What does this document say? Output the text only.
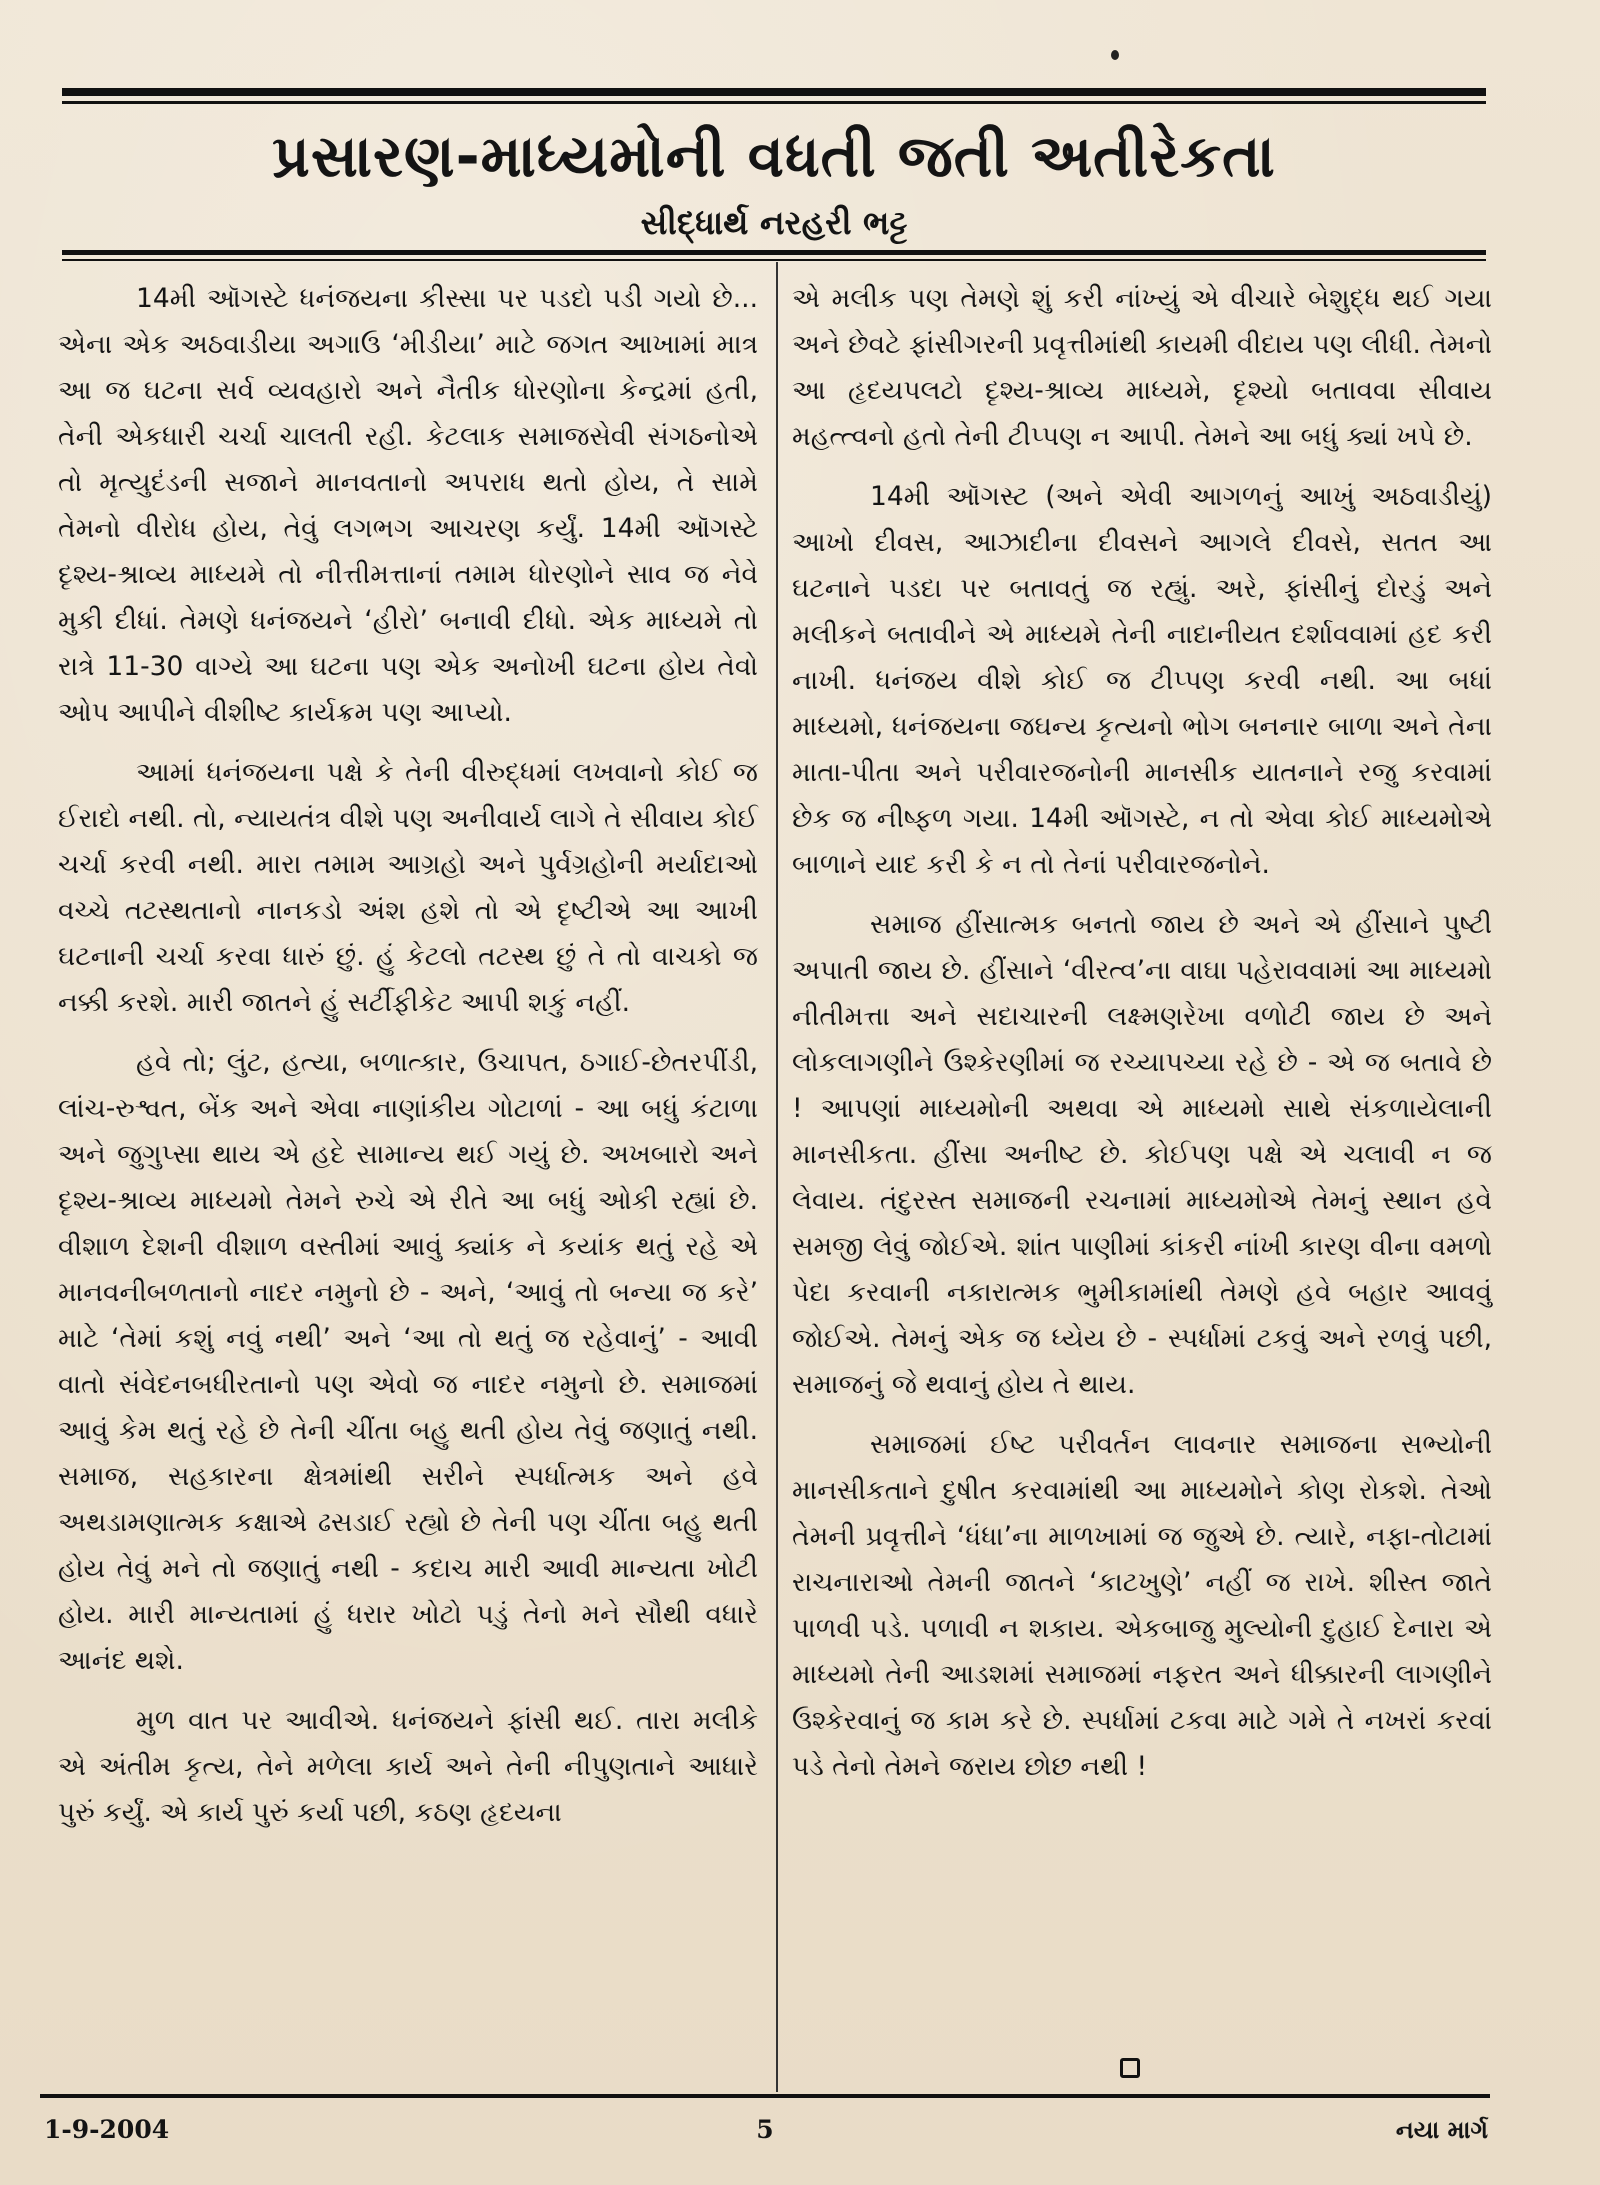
પ્રસારણ-માધ્યમોની વધતી જતી અતીરેકતા
સીદ્ધાર્થ નરહરી ભટ્ટ

14મી ઑગસ્ટે ધનંજયના કીસ્સા પર પડદો પડી ગયો છે... એના એક અઠવાડીયા અગાઉ ‘મીડીયા’ માટે જગત આખામાં માત્ર આ જ ઘટના સર્વ વ્યવહારો અને નૈતીક ધોરણોના કેન્દ્રમાં હતી, તેની એકધારી ચર્ચા ચાલતી રહી. કેટલાક સમાજસેવી સંગઠનોએ તો મૃત્યુદંડની સજાને માનવતાનો અપરાધ થતો હોય, તે સામે તેમનો વીરોધ હોય, તેવું લગભગ આચરણ કર્યું. 14મી ઑગસ્ટે દૃશ્ય-શ્રાવ્ય માધ્યમે તો નીત્તીમત્તાનાં તમામ ધોરણોને સાવ જ નેવે મુકી દીધાં. તેમણે ધનંજયને ‘હીરો’ બનાવી દીધો. એક માધ્યમે તો રાત્રે 11-30 વાગ્યે આ ઘટના પણ એક અનોખી ઘટના હોય તેવો ઓપ આપીને વીશીષ્ટ કાર્યક્રમ પણ આપ્યો.

આમાં ધનંજયના પક્ષે કે તેની વીરુદ્ધમાં લખવાનો કોઈ જ ઈરાદો નથી. તો, ન્યાયતંત્ર વીશે પણ અનીવાર્ય લાગે તે સીવાય કોઈ ચર્ચા કરવી નથી. મારા તમામ આગ્રહો અને પુર્વગ્રહોની મર્યાદાઓ વચ્ચે તટસ્થતાનો નાનકડો અંશ હશે તો એ દૃષ્ટીએ આ આખી ઘટનાની ચર્ચા કરવા ધારું છું. હું કેટલો તટસ્થ છું તે તો વાચકો જ નક્કી કરશે. મારી જાતને હું સર્ટીફીકેટ આપી શકું નહીં.

હવે તો; લુંટ, હત્યા, બળાત્કાર, ઉચાપત, ઠગાઈ-છેતરપીંડી, લાંચ-રુશ્વત, બેંક અને એવા નાણાંકીય ગોટાળાં - આ બધું કંટાળા અને જુગુપ્સા થાય એ હદે સામાન્ય થઈ ગયું છે. અખબારો અને દૃશ્ય-શ્રાવ્ય માધ્યમો તેમને રુચે એ રીતે આ બધું ઓકી રહ્યાં છે. વીશાળ દેશની વીશાળ વસ્તીમાં આવું ક્યાંક ને કયાંક થતું રહે એ માનવનીબળતાનો નાદર નમુનો છે - અને, ‘આવું તો બન્યા જ કરે’ માટે ‘તેમાં કશું નવું નથી’ અને ‘આ તો થતું જ રહેવાનું’ - આવી વાતો સંવેદનબધીરતાનો પણ એવો જ નાદર નમુનો છે. સમાજમાં આવું કેમ થતું રહે છે તેની ચીંતા બહુ થતી હોય તેવું જણાતું નથી. સમાજ, સહકારના ક્ષેત્રમાંથી સરીને સ્પર્ધાત્મક અને હવે અથડામણાત્મક કક્ષાએ ઢસડાઈ રહ્યો છે તેની પણ ચીંતા બહુ થતી હોય તેવું મને તો જણાતું નથી - કદાચ મારી આવી માન્યતા ખોટી હોય. મારી માન્યતામાં હું ધરાર ખોટો પડું તેનો મને સૌથી વધારે આનંદ થશે.

મુળ વાત પર આવીએ. ધનંજયને ફાંસી થઈ. તારા મલીકે એ અંતીમ કૃત્ય, તેને મળેલા કાર્ય અને તેની નીપુણતાને આધારે પુરું કર્યું. એ કાર્ય પુરું કર્યા પછી, કઠણ હૃદયના

એ મલીક પણ તેમણે શું કરી નાંખ્યું એ વીચારે બેશુદ્ધ થઈ ગયા અને છેવટે ફાંસીગરની પ્રવૃત્તીમાંથી કાયમી વીદાય પણ લીધી. તેમનો આ હૃદયપલટો દૃશ્ય-શ્રાવ્ય માધ્યમે, દૃશ્યો બતાવવા સીવાય મહત્ત્વનો હતો તેની ટીપ્પણ ન આપી. તેમને આ બધું ક્યાં ખપે છે.

14મી ઑગસ્ટ (અને એવી આગળનું આખું અઠવાડીયું) આખો દીવસ, આઝાદીના દીવસને આગલે દીવસે, સતત આ ઘટનાને પડદા પર બતાવતું જ રહ્યું. અરે, ફાંસીનું દોરડું અને મલીકને બતાવીને એ માધ્યમે તેની નાદાનીયત દર્શાવવામાં હદ કરી નાખી. ધનંજય વીશે કોઈ જ ટીપ્પણ કરવી નથી. આ બધાં માધ્યમો, ધનંજયના જઘન્ય કૃત્યનો ભોગ બનનાર બાળા અને તેના માતા-પીતા અને પરીવારજનોની માનસીક યાતનાને રજુ કરવામાં છેક જ નીષ્ફળ ગયા. 14મી ઑગસ્ટે, ન તો એવા કોઈ માધ્યમોએ બાળાને યાદ કરી કે ન તો તેનાં પરીવારજનોને.

સમાજ હીંસાત્મક બનતો જાય છે અને એ હીંસાને પુષ્ટી અપાતી જાય છે. હીંસાને ‘વીરત્વ’ના વાઘા પહેરાવવામાં આ માધ્યમો નીતીમત્તા અને સદાચારની લક્ષ્મણરેખા વળોટી જાય છે અને લોકલાગણીને ઉશ્કેરણીમાં જ રચ્યાપચ્યા રહે છે - એ જ બતાવે છે ! આપણાં માધ્યમોની અથવા એ માધ્યમો સાથે સંકળાયેલાની માનસીકતા. હીંસા અનીષ્ટ છે. કોઈપણ પક્ષે એ ચલાવી ન જ લેવાય. તંદુરસ્ત સમાજની રચનામાં માધ્યમોએ તેમનું સ્થાન હવે સમજી લેવું જોઈએ. શાંત પાણીમાં કાંકરી નાંખી કારણ વીના વમળો પેદા કરવાની નકારાત્મક ભુમીકામાંથી તેમણે હવે બહાર આવવું જોઈએ. તેમનું એક જ ધ્યેય છે - સ્પર્ધામાં ટકવું અને રળવું પછી, સમાજનું જે થવાનું હોય તે થાય.

સમાજમાં ઈષ્ટ પરીવર્તન લાવનાર સમાજના સભ્યોની માનસીકતાને દુષીત કરવામાંથી આ માધ્યમોને કોણ રોકશે. તેઓ તેમની પ્રવૃત્તીને ‘ધંધા’ના માળખામાં જ જુએ છે. ત્યારે, નફા-તોટામાં રાચનારાઓ તેમની જાતને ‘કાટખુણે’ નહીં જ રાખે. શીસ્ત જાતે પાળવી પડે. પળાવી ન શકાય. એકબાજુ મુલ્યોની દુહાઈ દેનારા એ માધ્યમો તેની આડશમાં સમાજમાં નફરત અને ધીક્કારની લાગણીને ઉશ્કેરવાનું જ કામ કરે છે. સ્પર્ધામાં ટકવા માટે ગમે તે નખરાં કરવાં પડે તેનો તેમને જરાય છોછ નથી !

1-9-2004	5	નયા માર્ગ
